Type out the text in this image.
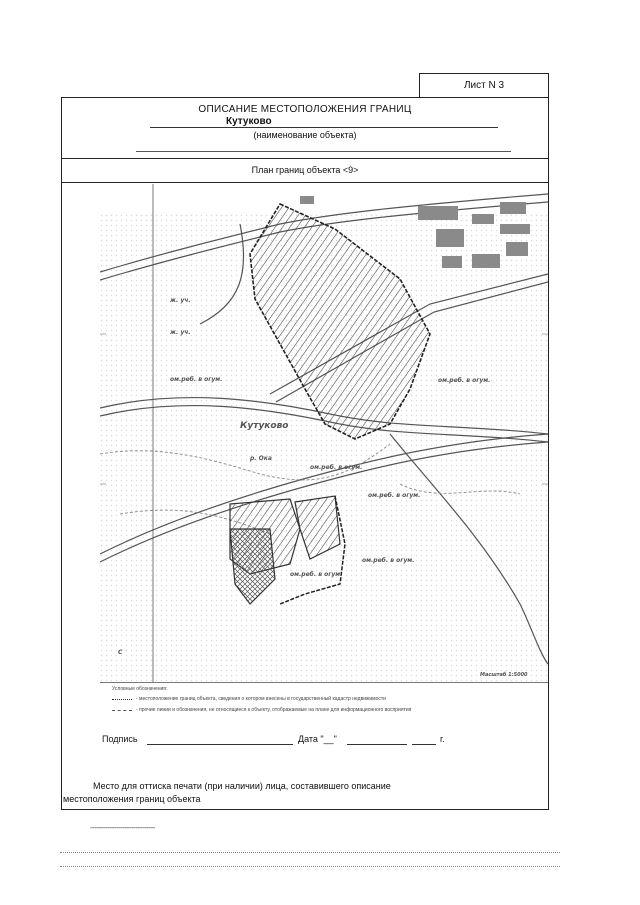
Лист N 3
ОПИСАНИЕ МЕСТОПОЛОЖЕНИЯ ГРАНИЦ
Кутуково
(наименование объекта)
План границ объекта <9>
Кутуково
ж. уч.
ж. уч.
ом.реб. в огум.	ом.реб. в огум.
ом.реб. в огум.
ом.реб. в огум.
ом.реб. в огум.
ом.реб. в огум.
р. Ока
С
Масштаб 1:5000
Условные обозначения:
- местоположение границ объекта, сведения о котором внесены в государственный кадастр недвижимости
- прочие линии и обозначения, не относящиеся к объекту, отображаемые на плане для информационного восприятия
Подпись	Дата "__"	г.
Место для оттиска печати (при наличии) лица, составившего описание
местоположения границ объекта
------------------------------
